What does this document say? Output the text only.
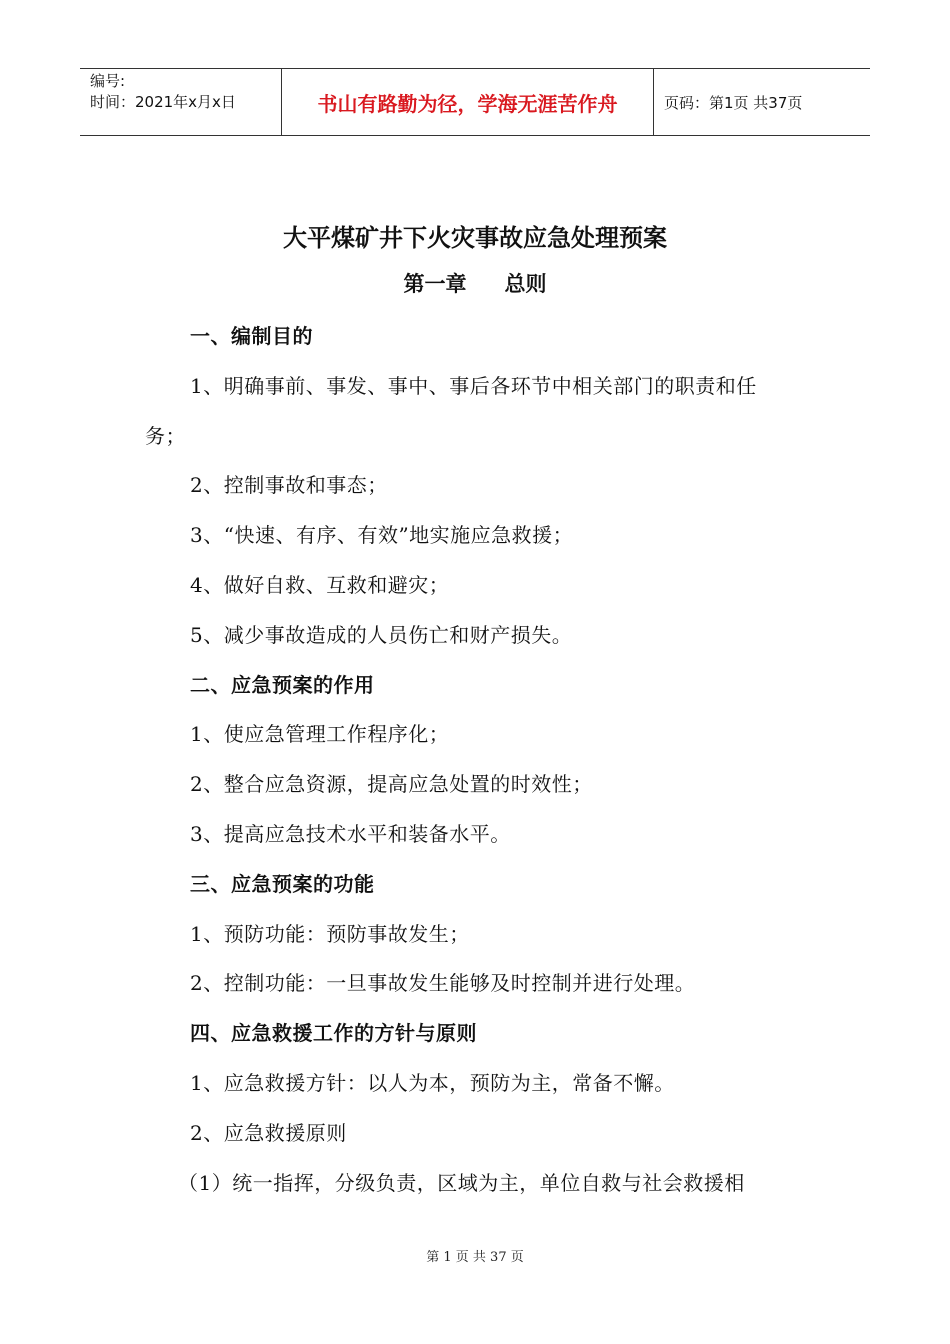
编号:
时间：2021年x月x日	书山有路勤为径，学海无涯苦作舟	页码：第1页 共37页
大平煤矿井下火灾事故应急处理预案
第一章 总则
一、编制目的
1、明确事前、事发、事中、事后各环节中相关部门的职责和任
务；
2、控制事故和事态；
3、“快速、有序、有效”地实施应急救援；
4、做好自救、互救和避灾；
5、减少事故造成的人员伤亡和财产损失。
二、应急预案的作用
1、使应急管理工作程序化；
2、整合应急资源，提高应急处置的时效性；
3、提高应急技术水平和装备水平。
三、应急预案的功能
1、预防功能：预防事故发生；
2、控制功能：一旦事故发生能够及时控制并进行处理。
四、应急救援工作的方针与原则
1、应急救援方针：以人为本，预防为主，常备不懈。
2、应急救援原则
（1）统一指挥，分级负责，区域为主，单位自救与社会救援相
第 1 页 共 37 页
